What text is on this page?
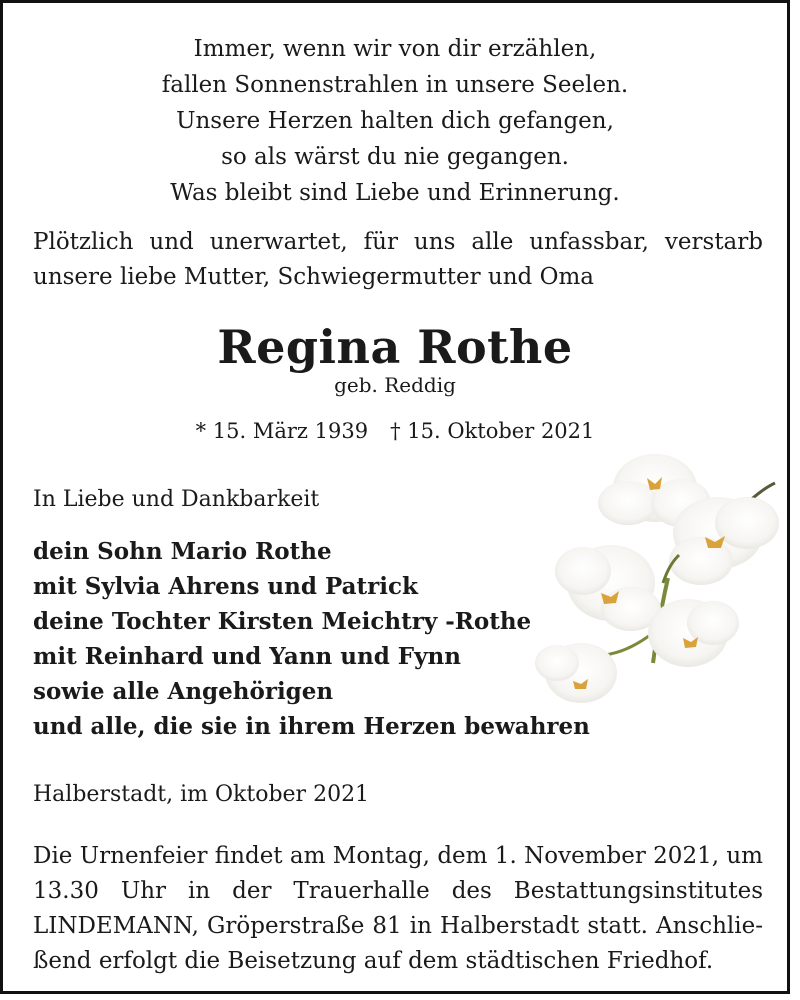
Immer, wenn wir von dir erzählen,
fallen Sonnenstrahlen in unsere Seelen.
Unsere Herzen halten dich gefangen,
so als wärst du nie gegangen.
Was bleibt sind Liebe und Erinnerung.
Plötzlich und unerwartet, für uns alle unfassbar, verstarb
unsere liebe Mutter, Schwiegermutter und Oma
Regina Rothe
geb. Reddig
* 15. März 1939 † 15. Oktober 2021
In Liebe und Dankbarkeit
dein Sohn Mario Rothe
mit Sylvia Ahrens und Patrick
deine Tochter Kirsten Meichtry -Rothe
mit Reinhard und Yann und Fynn
sowie alle Angehörigen
und alle, die sie in ihrem Herzen bewahren
Halberstadt, im Oktober 2021
Die Urnenfeier findet am Montag, dem 1. November 2021, um
13.30 Uhr in der Trauerhalle des Bestattungsinstitutes
LINDEMANN, Gröperstraße 81 in Halberstadt statt. Anschlie-
ßend erfolgt die Beisetzung auf dem städtischen Friedhof.
